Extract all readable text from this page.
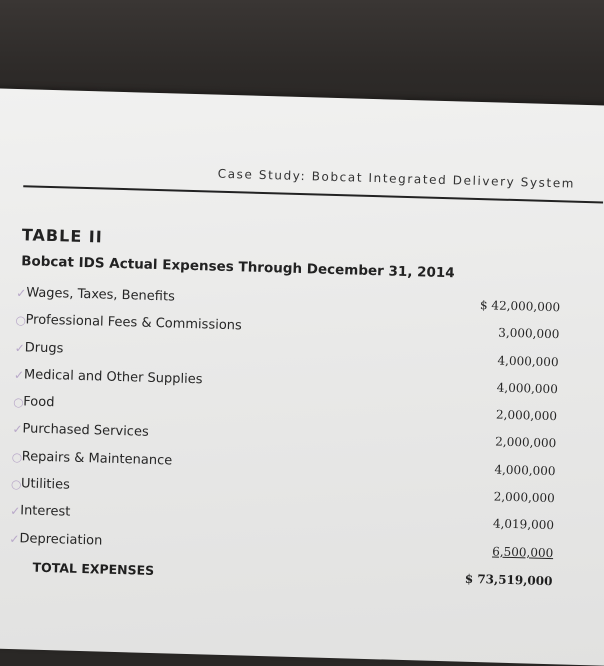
Case Study: Bobcat Integrated Delivery System
TABLE II
Bobcat IDS Actual Expenses Through December 31, 2014
✓
Wages, Taxes, Benefits
$ 42,000,000
○
Professional Fees & Commissions
3,000,000
✓
Drugs
4,000,000
✓
Medical and Other Supplies
4,000,000
○
Food
2,000,000
✓
Purchased Services
2,000,000
○
Repairs & Maintenance
4,000,000
○
Utilities
2,000,000
✓
Interest
4,019,000
✓
Depreciation
6,500,000
TOTAL EXPENSES
$ 73,519,000
